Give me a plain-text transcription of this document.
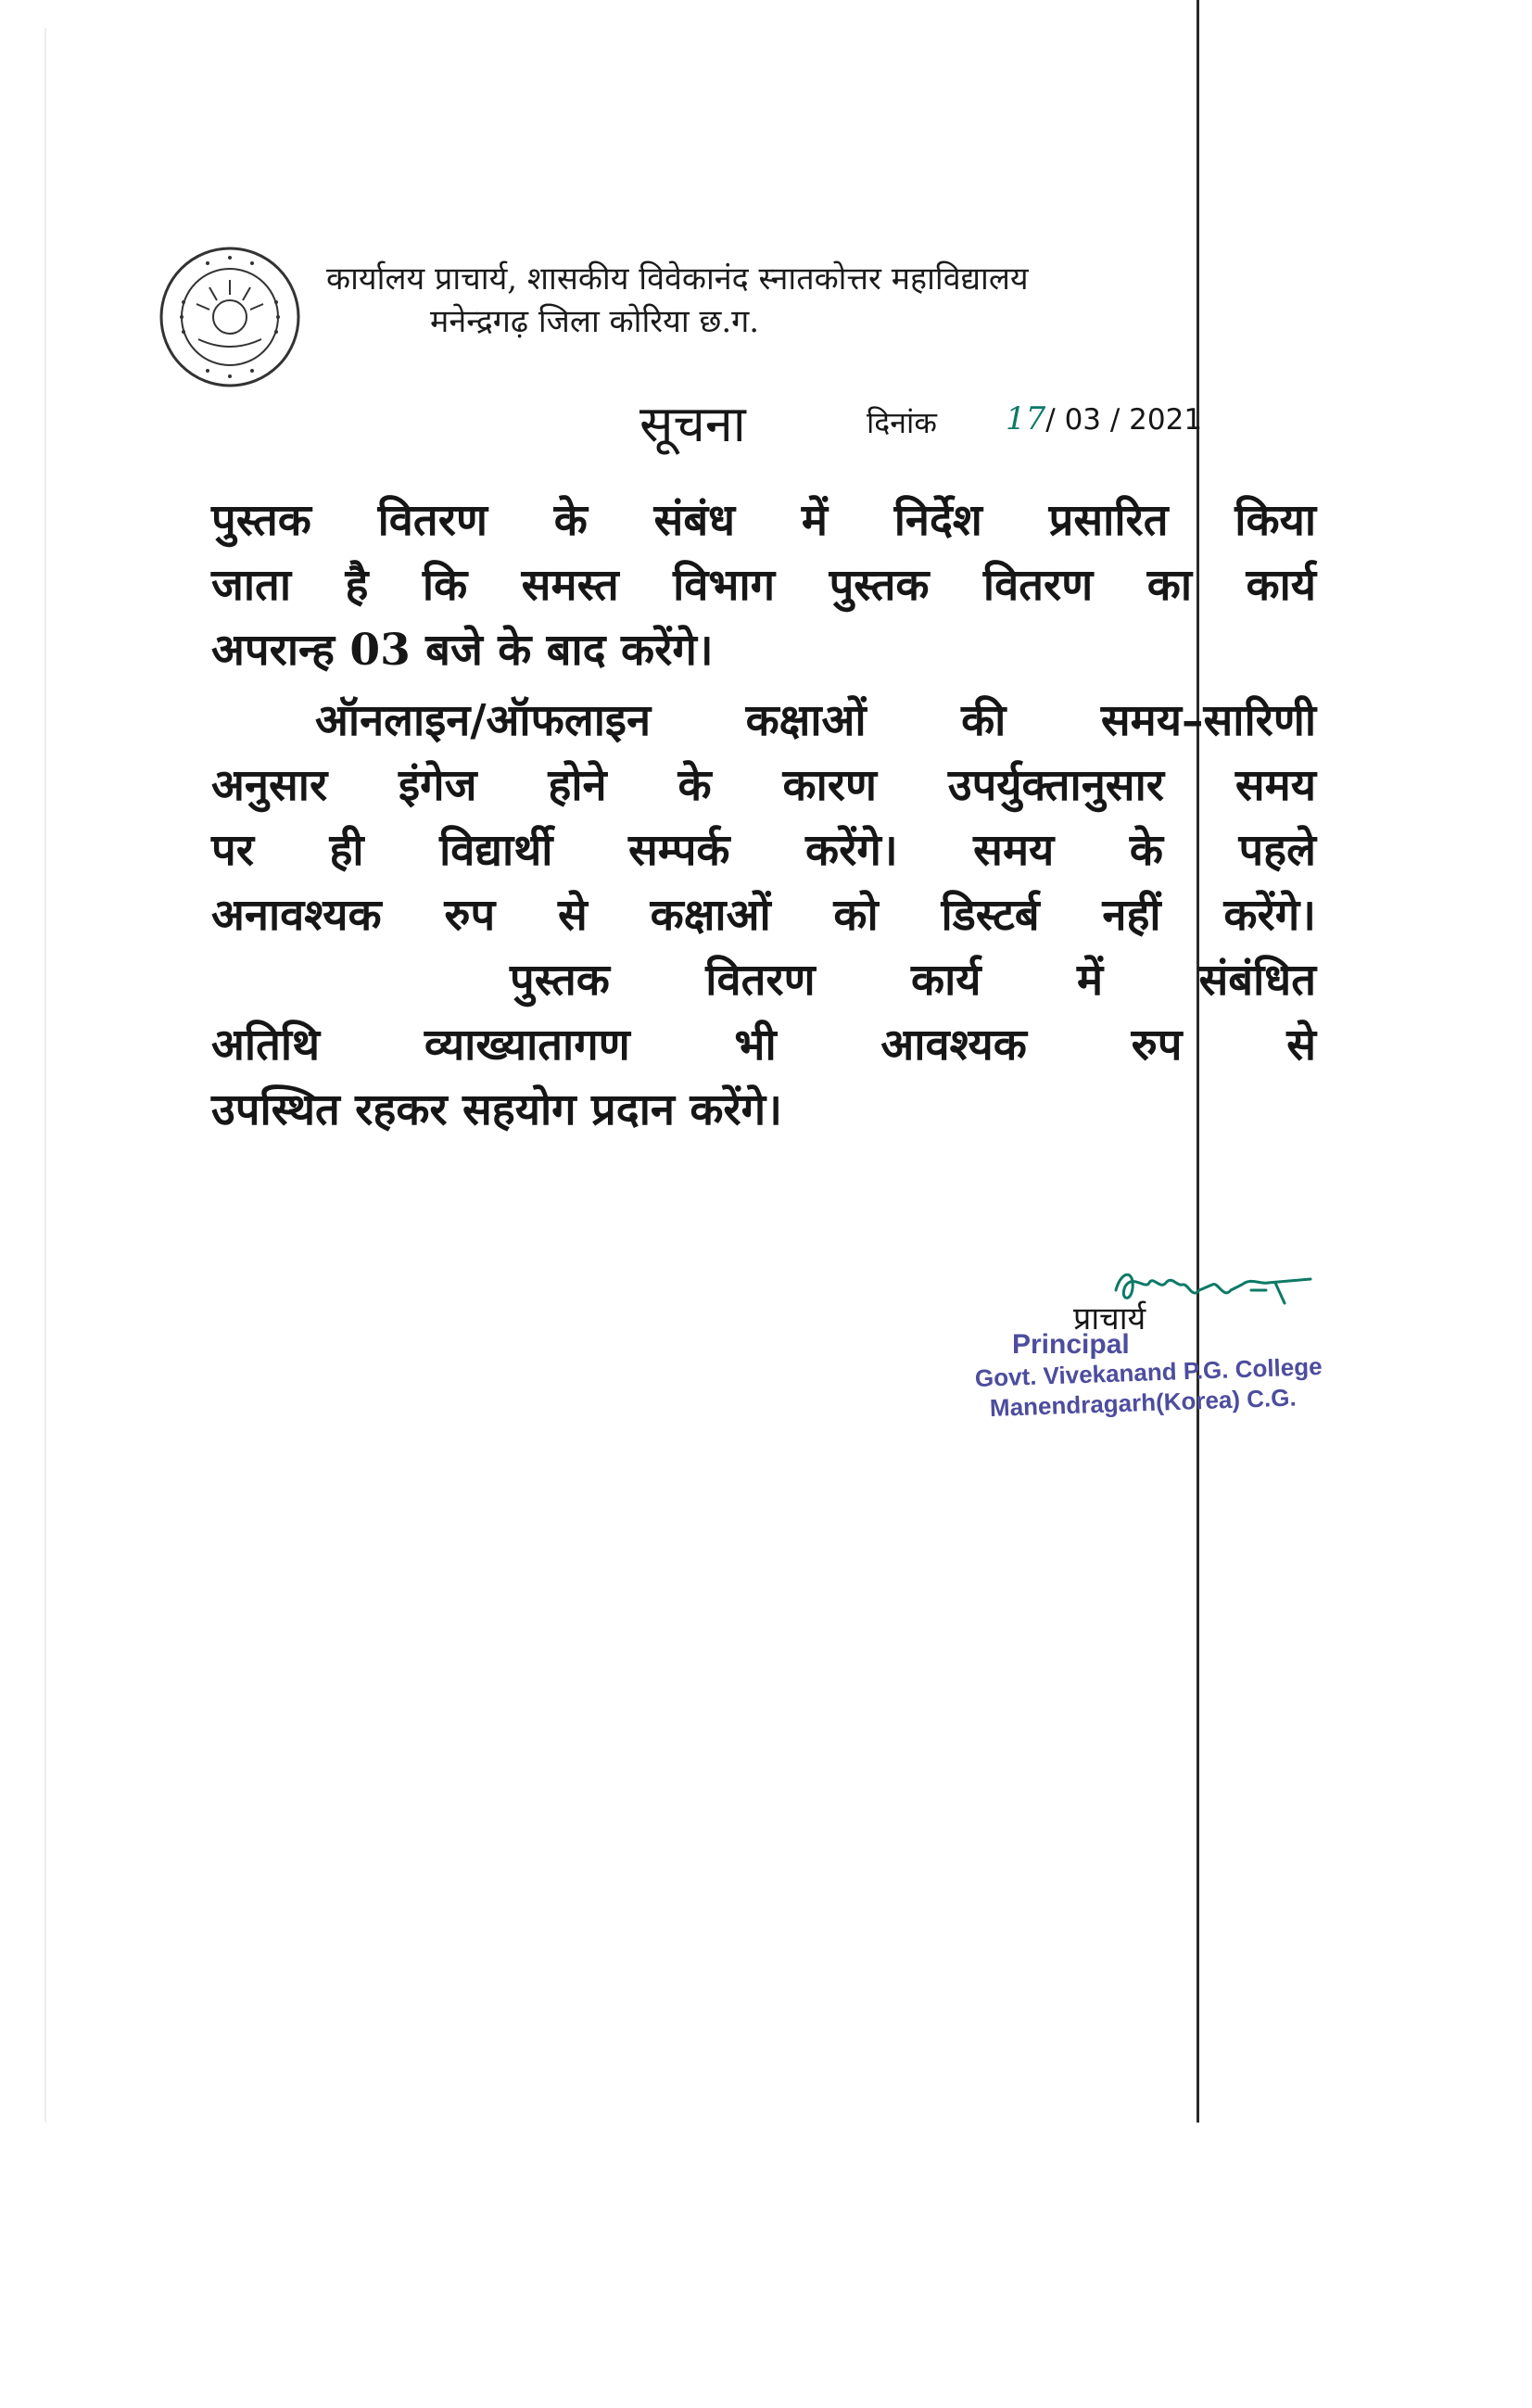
कार्यालय प्राचार्य, शासकीय विवेकानंद स्नातकोत्तर महाविद्यालय
मनेन्द्रगढ़ जिला कोरिया छ.ग.
सूचना	दिनांक 17/ 03 / 2021
पुस्तक वितरण के संबंध में निर्देश प्रसारित किया
जाता है कि समस्त विभाग पुस्तक वितरण का कार्य
अपरान्ह 03 बजे के बाद करेंगे।
ऑनलाइन/ऑफलाइन कक्षाओं की समय–सारिणी
अनुसार इंगेज होने के कारण उपर्युक्तानुसार समय
पर ही विद्यार्थी सम्पर्क करेंगे। समय के पहले
अनावश्यक रुप से कक्षाओं को डिस्टर्ब नहीं करेंगे।
पुस्तक वितरण कार्य में संबंधित
अतिथि व्याख्यातागण भी आवश्यक रुप से
उपस्थित रहकर सहयोग प्रदान करेंगे।
प्राचार्य
Principal
Govt. Vivekanand P.G. College
Manendragarh(Korea) C.G.
